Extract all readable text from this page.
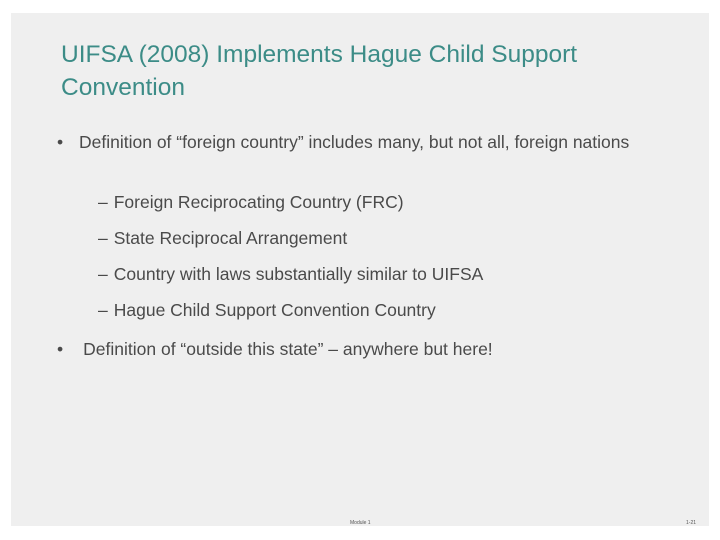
UIFSA (2008) Implements Hague Child Support Convention
• Definition of “foreign country” includes many, but not all, foreign nations
– Foreign Reciprocating Country (FRC)
– State Reciprocal Arrangement
– Country with laws substantially similar to UIFSA
– Hague Child Support Convention Country
• Definition of “outside this state” – anywhere but here!
Module 1	1-21
